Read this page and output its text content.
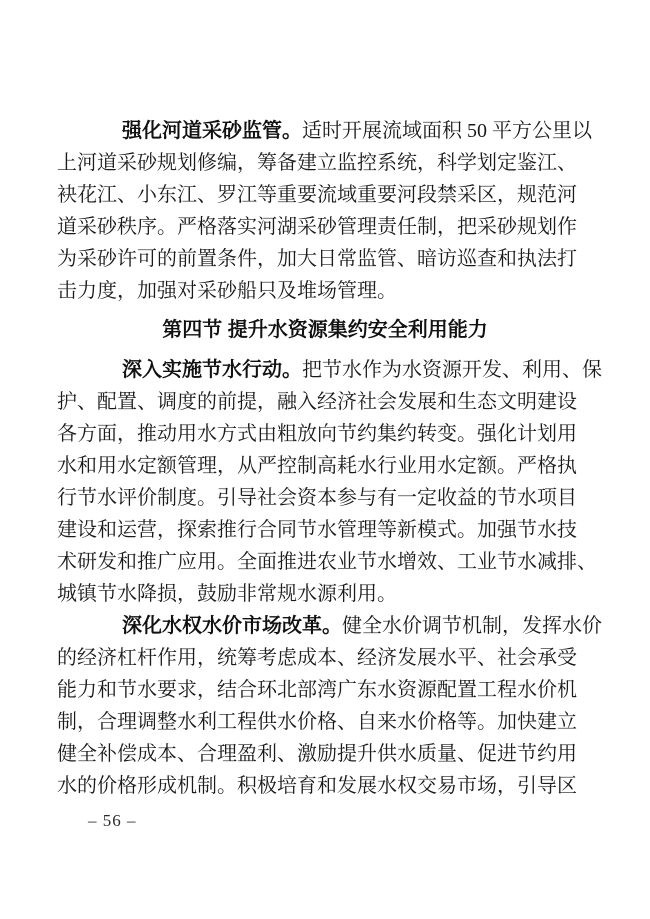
强化河道采砂监管。适时开展流域面积 50 平方公里以
上河道采砂规划修编，筹备建立监控系统，科学划定鉴江、
袂花江、小东江、罗江等重要流域重要河段禁采区，规范河
道采砂秩序。严格落实河湖采砂管理责任制，把采砂规划作
为采砂许可的前置条件，加大日常监管、暗访巡查和执法打
击力度，加强对采砂船只及堆场管理。
第四节 提升水资源集约安全利用能力
深入实施节水行动。把节水作为水资源开发、利用、保
护、配置、调度的前提，融入经济社会发展和生态文明建设
各方面，推动用水方式由粗放向节约集约转变。强化计划用
水和用水定额管理，从严控制高耗水行业用水定额。严格执
行节水评价制度。引导社会资本参与有一定收益的节水项目
建设和运营，探索推行合同节水管理等新模式。加强节水技
术研发和推广应用。全面推进农业节水增效、工业节水减排、
城镇节水降损，鼓励非常规水源利用。
深化水权水价市场改革。健全水价调节机制，发挥水价
的经济杠杆作用，统筹考虑成本、经济发展水平、社会承受
能力和节水要求，结合环北部湾广东水资源配置工程水价机
制，合理调整水利工程供水价格、自来水价格等。加快建立
健全补偿成本、合理盈利、激励提升供水质量、促进节约用
水的价格形成机制。积极培育和发展水权交易市场，引导区
– 56 –
